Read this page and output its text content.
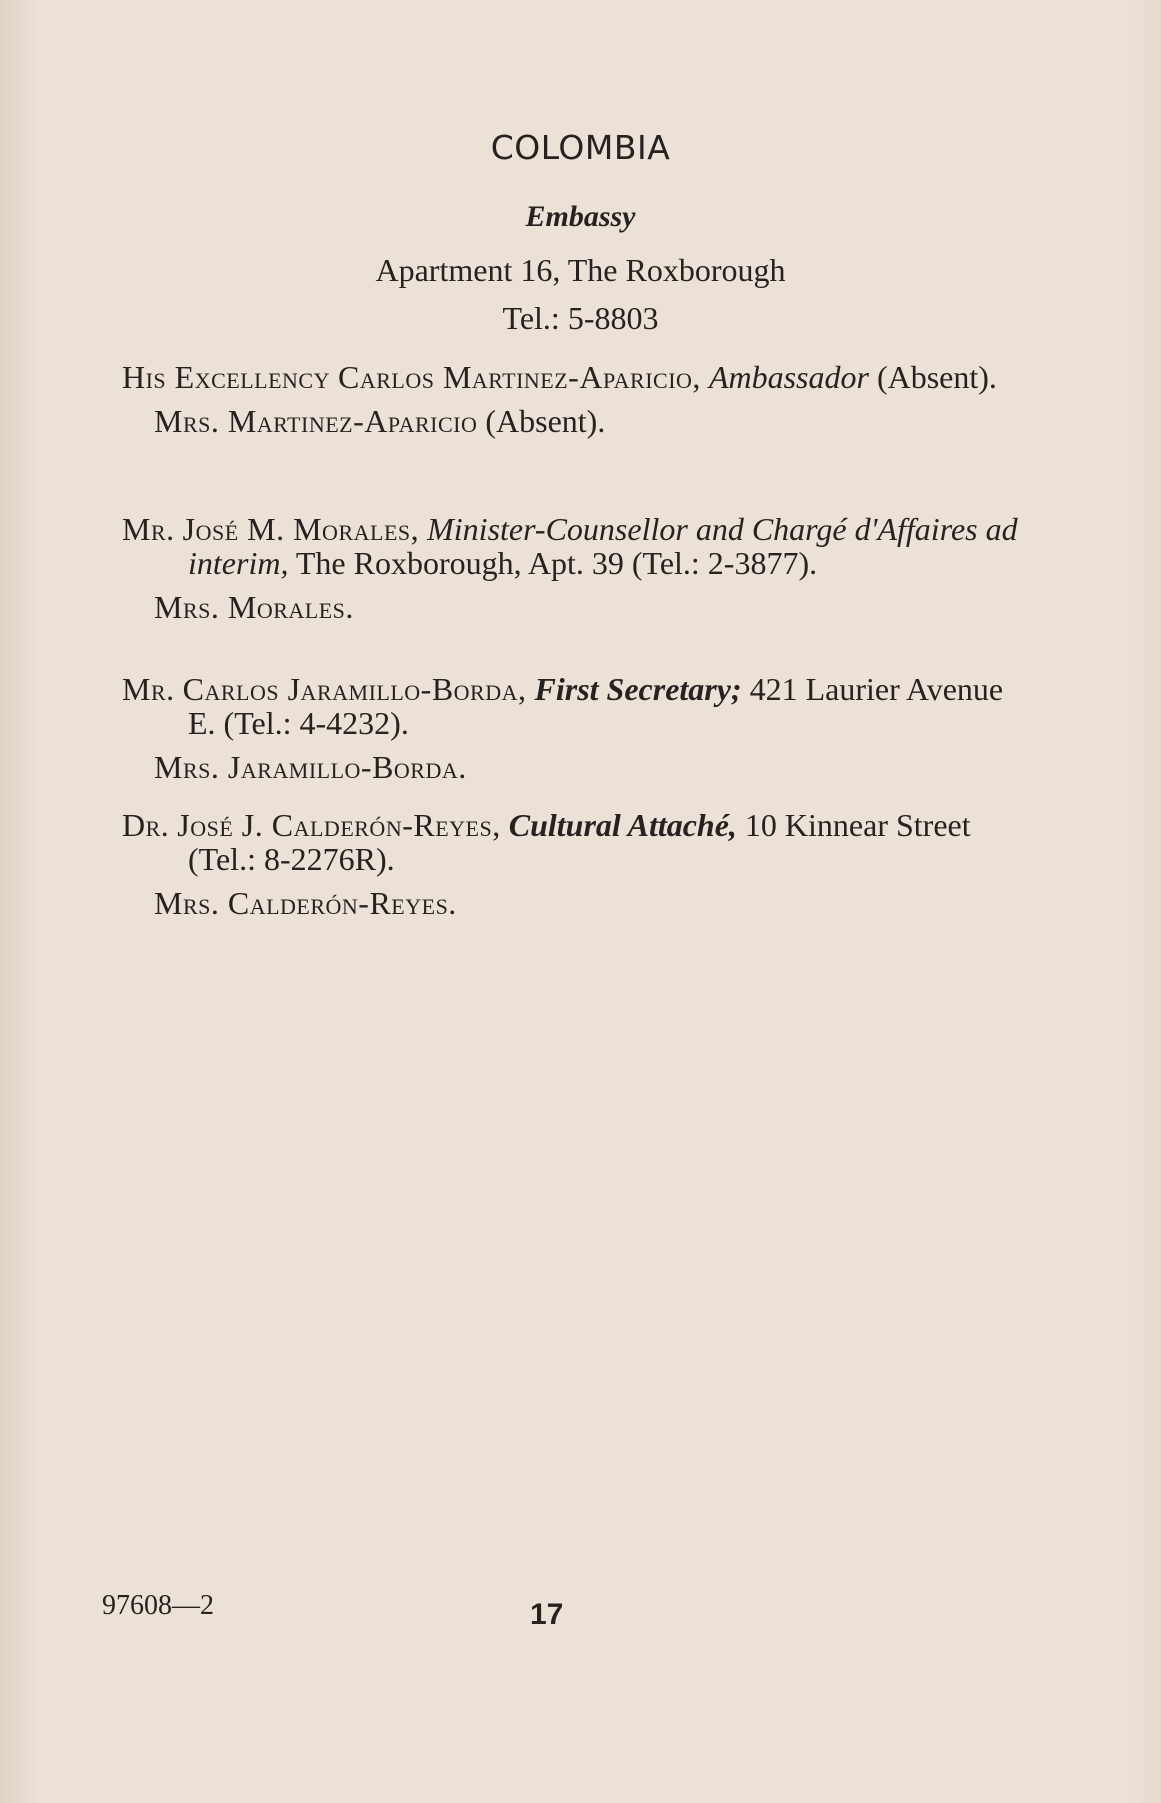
COLOMBIA
Embassy
Apartment 16, The Roxborough
Tel.: 5-8803

His Excellency Carlos Martinez-Aparicio, Ambassador (Absent).

Mrs. Martinez-Aparicio (Absent).

Mr. José M. Morales, Minister-Counsellor and Chargé d'Affaires ad interim, The Roxborough, Apt. 39 (Tel.: 2-3877).

Mrs. Morales.

Mr. Carlos Jaramillo-Borda, First Secretary; 421 Laurier Avenue E. (Tel.: 4-4232).

Mrs. Jaramillo-Borda.

Dr. José J. Calderón-Reyes, Cultural Attaché, 10 Kinnear Street (Tel.: 8-2276R).

Mrs. Calderón-Reyes.

97608—2	17
